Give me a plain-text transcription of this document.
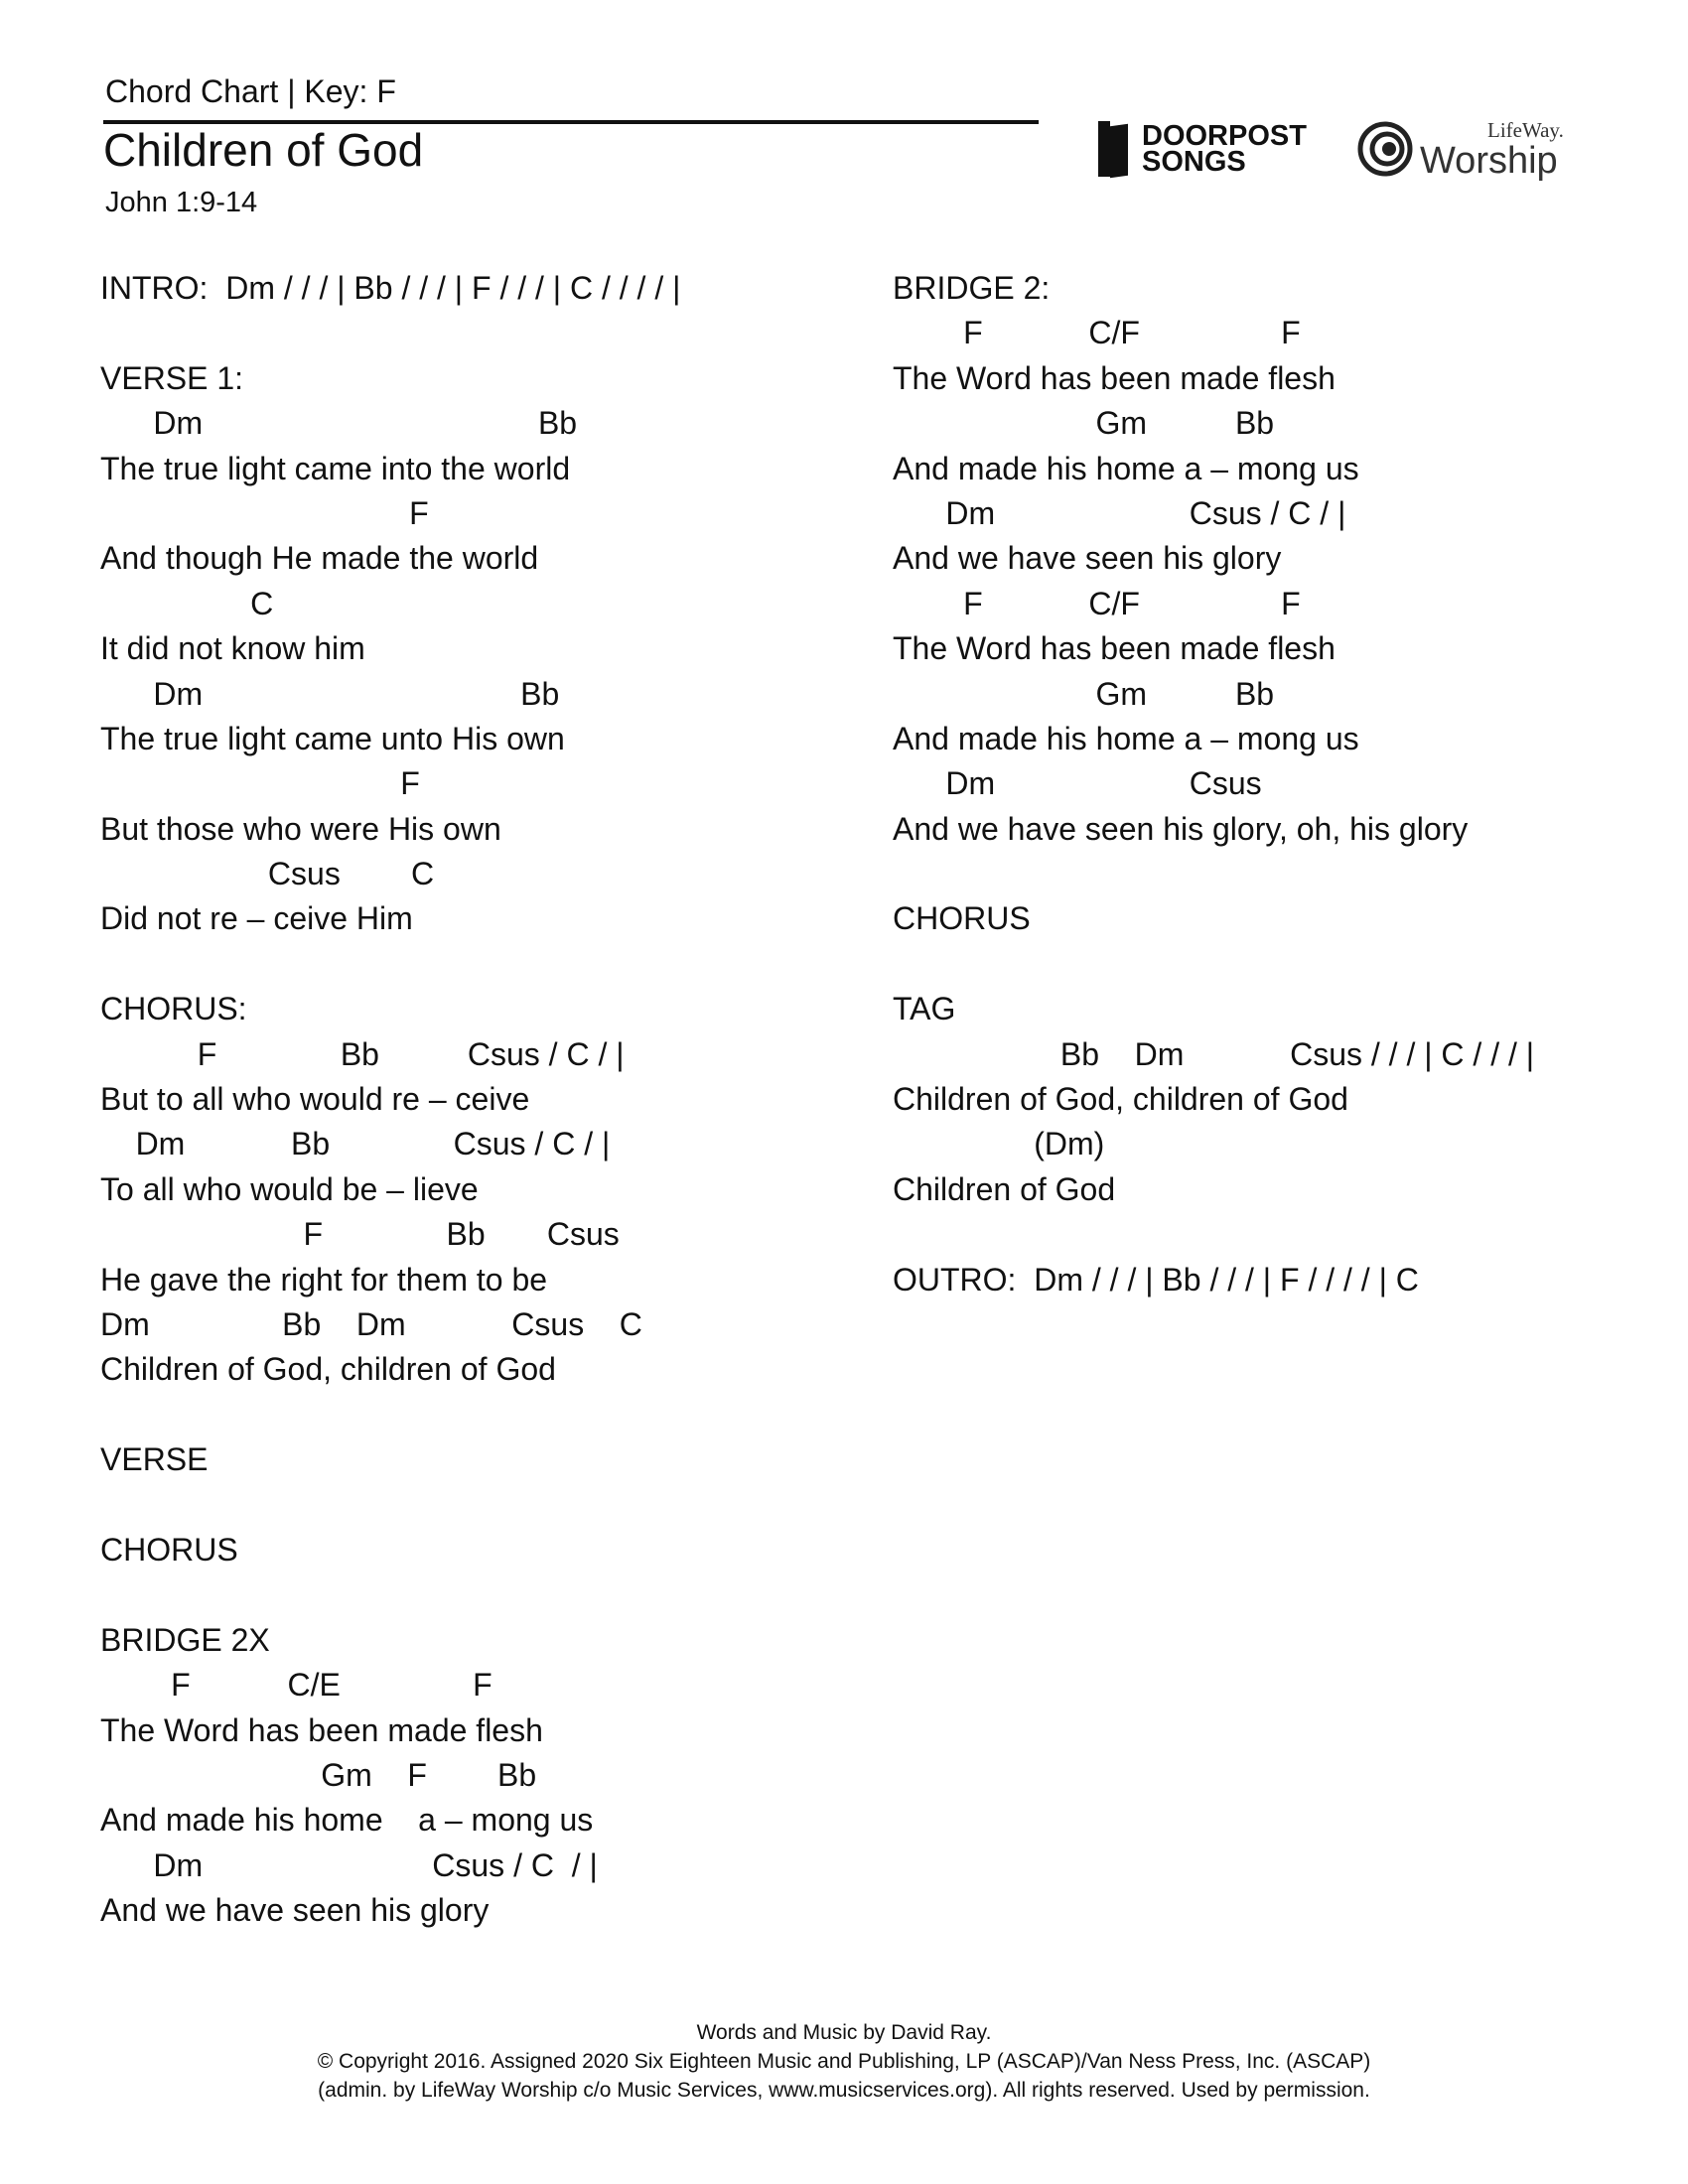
Chord Chart | Key: F
Children of God
John 1:9-14
DOORPOST
SONGS
LifeWay.
Worship
INTRO:  Dm / / / | Bb / / / | F / / / | C / / / / |
VERSE 1:
Dm                                      Bb
The true light came into the world
F
And though He made the world
C
It did not know him
Dm                                    Bb
The true light came unto His own
F
But those who were His own
Csus        C
Did not re – ceive Him
CHORUS:
F              Bb          Csus / C / |
But to all who would re – ceive
Dm            Bb              Csus / C / |
To all who would be – lieve
F              Bb       Csus
He gave the right for them to be
Dm               Bb    Dm            Csus    C
Children of God, children of God
VERSE
CHORUS
BRIDGE 2X
F           C/E               F
The Word has been made flesh
Gm    F        Bb
And made his home    a – mong us
Dm                          Csus / C  / |
And we have seen his glory
BRIDGE 2:
F            C/F                F
The Word has been made flesh
Gm          Bb
And made his home a – mong us
Dm                      Csus / C / |
And we have seen his glory
F            C/F                F
The Word has been made flesh
Gm          Bb
And made his home a – mong us
Dm                      Csus
And we have seen his glory, oh, his glory
CHORUS
TAG
Bb    Dm            Csus / / / | C / / / |
Children of God, children of God
(Dm)
Children of God
OUTRO:  Dm / / / | Bb / / / | F / / / / | C
Words and Music by David Ray.
© Copyright 2016. Assigned 2020 Six Eighteen Music and Publishing, LP (ASCAP)/Van Ness Press, Inc. (ASCAP)
(admin. by LifeWay Worship c/o Music Services, www.musicservices.org). All rights reserved. Used by permission.
